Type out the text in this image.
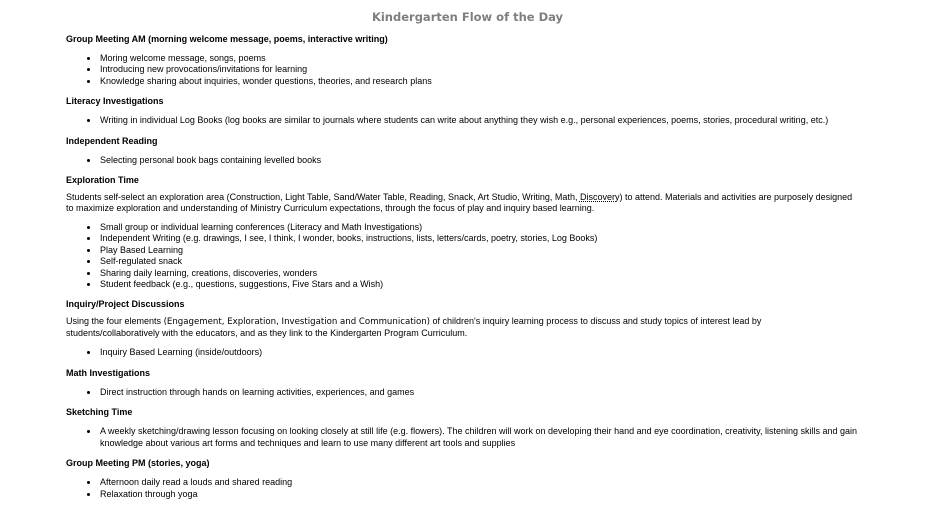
Kindergarten Flow of the Day

Group Meeting AM (morning welcome message, poems, interactive writing)

Moring welcome message, songs, poems
Introducing new provocations/invitations for learning
Knowledge sharing about inquiries, wonder questions, theories, and research plans

Literacy Investigations

Writing in individual Log Books (log books are similar to journals where students can write about anything they wish e.g., personal experiences, poems, stories, procedural writing, etc.)

Independent Reading

Selecting personal book bags containing levelled books

Exploration Time

Students self-select an exploration area (Construction, Light Table, Sand/Water Table, Reading, Snack, Art Studio, Writing, Math, Discovery) to attend. Materials and activities are purposely designed to maximize exploration and understanding of Ministry Curriculum expectations, through the focus of play and inquiry based learning.

Small group or individual learning conferences (Literacy and Math Investigations)
Independent Writing (e.g. drawings, I see, I think, I wonder, books, instructions, lists, letters/cards, poetry, stories, Log Books)
Play Based Learning
Self-regulated snack
Sharing daily learning, creations, discoveries, wonders
Student feedback (e.g., questions, suggestions, Five Stars and a Wish)

Inquiry/Project Discussions

Using the four elements (Engagement, Exploration, Investigation and Communication) of children's inquiry learning process to discuss and study topics of interest lead by students/collaboratively with the educators, and as they link to the Kindergarten Program Curriculum.

Inquiry Based Learning (inside/outdoors)

Math Investigations

Direct instruction through hands on learning activities, experiences, and games

Sketching Time

A weekly sketching/drawing lesson focusing on looking closely at still life (e.g. flowers). The children will work on developing their hand and eye coordination, creativity, listening skills and gain knowledge about various art forms and techniques and learn to use many different art tools and supplies

Group Meeting PM (stories, yoga)

Afternoon daily read a louds and shared reading
Relaxation through yoga
